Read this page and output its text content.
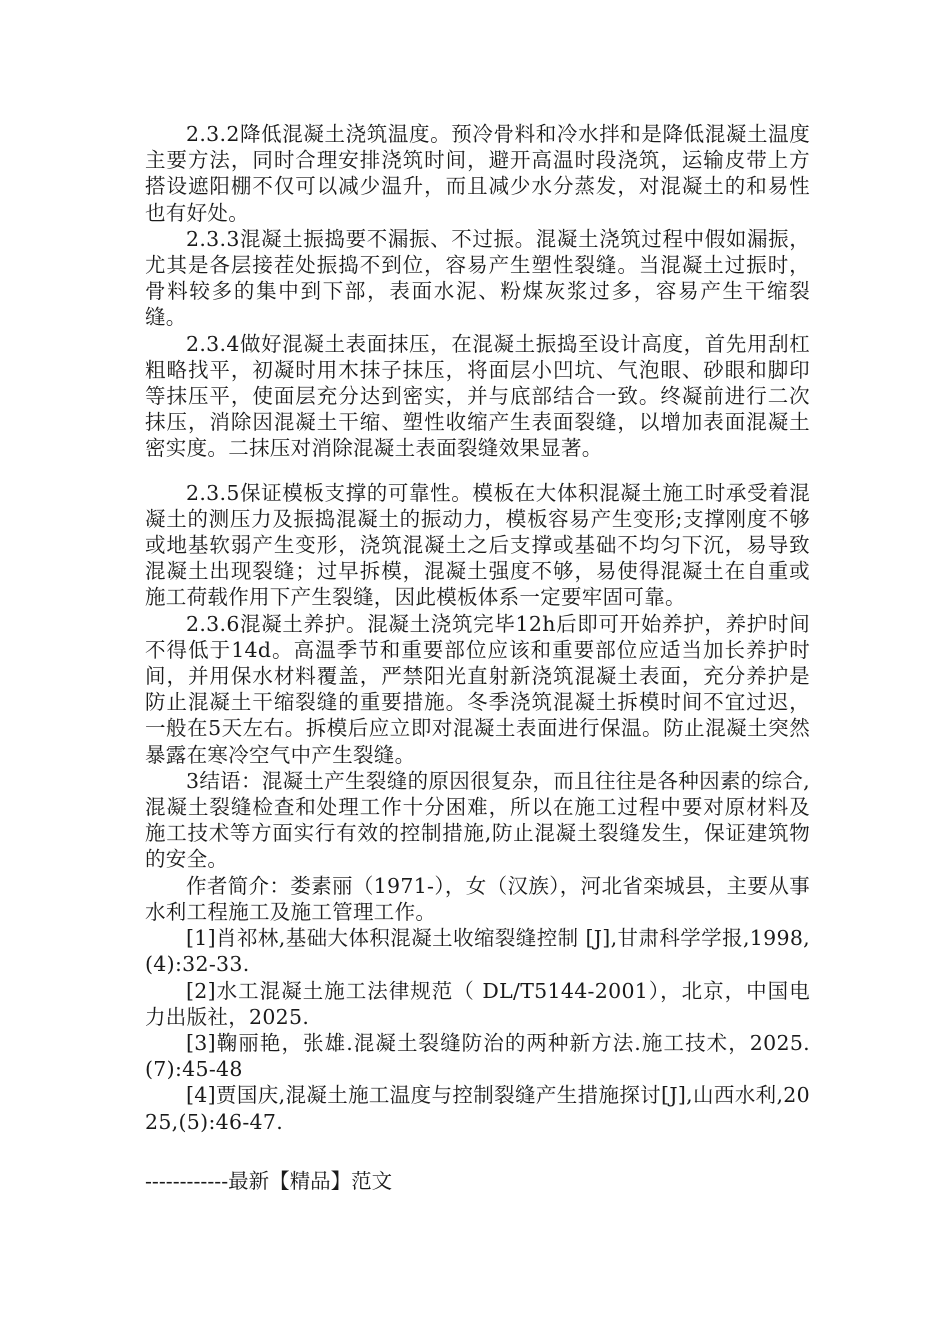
2.3.2降低混凝土浇筑温度。预冷骨料和冷水拌和是降低混凝土温度主要方法，同时合理安排浇筑时间，避开高温时段浇筑，运输皮带上方搭设遮阳棚不仅可以减少温升，而且减少水分蒸发，对混凝土的和易性也有好处。

2.3.3混凝土振捣要不漏振、不过振。混凝土浇筑过程中假如漏振，尤其是各层接茬处振捣不到位，容易产生塑性裂缝。当混凝土过振时，骨料较多的集中到下部，表面水泥、粉煤灰浆过多，容易产生干缩裂缝。

2.3.4做好混凝土表面抹压，在混凝土振捣至设计高度，首先用刮杠粗略找平，初凝时用木抹子抹压，将面层小凹坑、气泡眼、砂眼和脚印等抹压平，使面层充分达到密实，并与底部结合一致。终凝前进行二次抹压，消除因混凝土干缩、塑性收缩产生表面裂缝，以增加表面混凝土密实度。二抹压对消除混凝土表面裂缝效果显著。

2.3.5保证模板支撑的可靠性。模板在大体积混凝土施工时承受着混凝土的测压力及振捣混凝土的振动力，模板容易产生变形;支撑刚度不够或地基软弱产生变形，浇筑混凝土之后支撑或基础不均匀下沉，易导致混凝土出现裂缝；过早拆模，混凝土强度不够，易使得混凝土在自重或施工荷载作用下产生裂缝，因此模板体系一定要牢固可靠。

2.3.6混凝土养护。混凝土浇筑完毕12h后即可开始养护，养护时间不得低于14d。高温季节和重要部位应该和重要部位应适当加长养护时间，并用保水材料覆盖，严禁阳光直射新浇筑混凝土表面，充分养护是防止混凝土干缩裂缝的重要措施。冬季浇筑混凝土拆模时间不宜过迟，一般在5天左右。拆模后应立即对混凝土表面进行保温。防止混凝土突然暴露在寒冷空气中产生裂缝。

3结语：混凝土产生裂缝的原因很复杂，而且往往是各种因素的综合,混凝土裂缝检查和处理工作十分困难，所以在施工过程中要对原材料及施工技术等方面实行有效的控制措施,防止混凝土裂缝发生，保证建筑物的安全。

作者简介：娄素丽（1971-），女（汉族），河北省栾城县，主要从事水利工程施工及施工管理工作。

[1]肖祁林,基础大体积混凝土收缩裂缝控制 [J],甘肃科学学报,1998,(4):32-33.

[2]水工混凝土施工法律规范（ DL/T5144-2001），北京，中国电力出版社，2025.

[3]鞠丽艳，张雄.混凝土裂缝防治的两种新方法.施工技术，2025.(7):45-48

[4]贾国庆,混凝土施工温度与控制裂缝产生措施探讨[J],山西水利,2025,(5):46-47.

------------最新【精品】范文
